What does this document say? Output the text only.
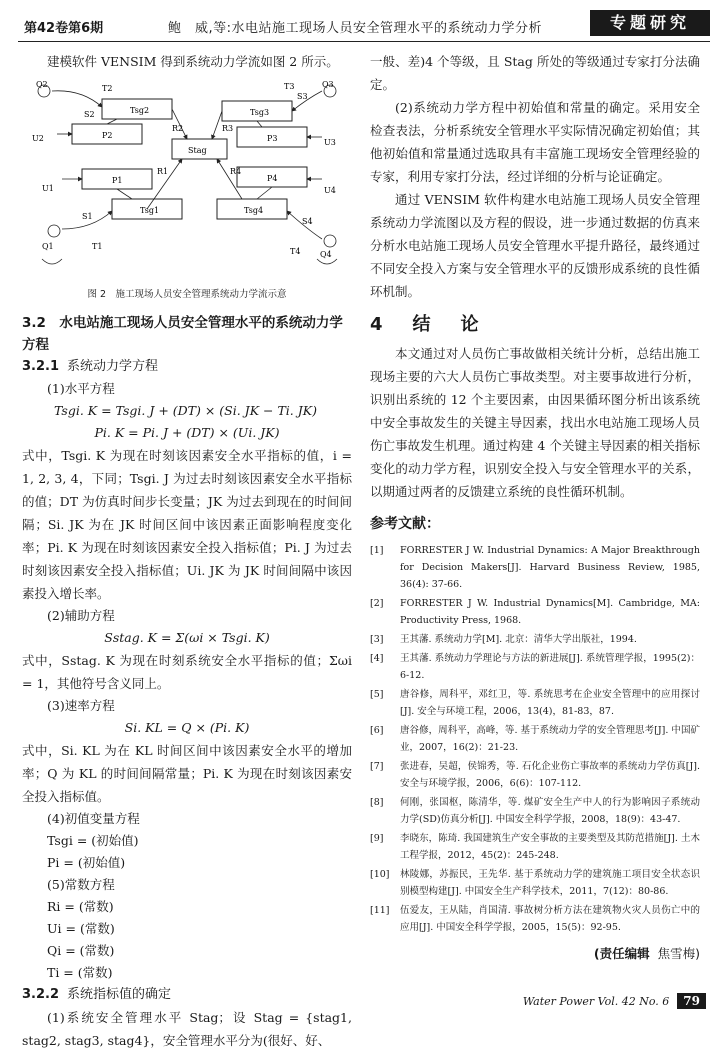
第42卷第6期	鲍　威,等:水电站施工现场人员安全管理水平的系统动力学分析	专题研究

建模软件 VENSIM 得到系统动力学流如图 2 所示。

Tsg2
P2
Tsg3
P3
Stag
P1	P4
Tsg1	Tsg4
Q2	Q3
Q1
Q4
T2	T3
T1
T4
U2
U1
U3
U4
R2	R3
R1	R4
S2
S3
S1
S4
图 2　施工现场人员安全管理系统动力学流示意
3.2　水电站施工现场人员安全管理水平的系统动力学方程
3.2.1 系统动力学方程
(1)水平方程
Tsgi. K = Tsgi. J + (DT) × (Si. JK − Ti. JK)
Pi. K = Pi. J + (DT) × (Ui. JK)

式中，Tsgi. K 为现在时刻该因素安全水平指标的值，i = 1, 2, 3, 4，下同；Tsgi. J 为过去时刻该因素安全水平指标的值；DT 为仿真时间步长变量；JK 为过去到现在的时间间隔；Si. JK 为在 JK 时间区间中该因素正面影响程度变化率；Pi. K 为现在时刻该因素安全投入指标值；Pi. J 为过去时刻该因素安全投入指标值；Ui. JK 为 JK 时间间隔中该因素投入增长率。

(2)辅助方程
Sstag. K = Σ(ωi × Tsgi. K)

式中，Sstag. K 为现在时刻系统安全水平指标的值；Σωi = 1，其他符号含义同上。

(3)速率方程
Si. KL = Q × (Pi. K)

式中，Si. KL 为在 KL 时间区间中该因素安全水平的增加率；Q 为 KL 的时间间隔常量；Pi. K 为现在时刻该因素安全投入指标值。

(4)初值变量方程
Tsgi = (初始值)
Pi = (初始值)
(5)常数方程
Ri = (常数)
Ui = (常数)
Qi = (常数)
Ti = (常数)
3.2.2 系统指标值的确定

(1)系统安全管理水平 Stag；设 Stag = {stag1, stag2, stag3, stag4}，安全管理水平分为(很好、好、

一般、差)4 个等级，且 Stag 所处的等级通过专家打分法确定。

(2)系统动力学方程中初始值和常量的确定。采用安全检查表法，分析系统安全管理水平实际情况确定初始值；其他初始值和常量通过选取具有丰富施工现场安全管理经验的专家，利用专家打分法，经过详细的分析与论证确定。

通过 VENSIM 软件构建水电站施工现场人员安全管理系统动力学流图以及方程的假设，进一步通过数据的仿真来分析水电站施工现场人员安全管理水平提升路径，最终通过不同安全投入方案与安全管理水平的反馈形成系统的良性循环机制。

4　结　论

本文通过对人员伤亡事故做相关统计分析，总结出施工现场主要的六大人员伤亡事故类型。对主要事故进行分析，识别出系统的 12 个主要因素，由因果循环图分析出该系统中安全事故发生的关键主导因素，找出水电站施工现场人员伤亡事故发生机理。通过构建 4 个关键主导因素的相关指标变化的动力学方程，识别安全投入与安全管理水平的关系，以期通过两者的反馈建立系统的良性循环机制。

参考文献：
[1]	FORRESTER J W. Industrial Dynamics: A Major Breakthrough for Decision Makers[J]. Harvard Business Review, 1985, 36(4): 37-66.
[2]	FORRESTER J W. Industrial Dynamics[M]. Cambridge, MA: Productivity Press, 1968.
[3]	王其藩. 系统动力学[M]. 北京：清华大学出版社，1994.
[4]	王其藩. 系统动力学理论与方法的新进展[J]. 系统管理学报，1995(2)：6-12.
[5]	唐谷修，周科平，邓红卫，等. 系统思考在企业安全管理中的应用探讨[J]. 安全与环境工程，2006，13(4)，81-83，87.
[6]	唐谷修，周科平，高峰，等. 基于系统动力学的安全管理思考[J]. 中国矿业，2007，16(2)：21-23.
[7]	张进春，吴超，侯锦秀，等. 石化企业伤亡事故率的系统动力学仿真[J]. 安全与环境学报，2006，6(6)：107-112.
[8]	何刚，张国枢，陈清华，等. 煤矿安全生产中人的行为影响因子系统动力学(SD)仿真分析[J]. 中国安全科学学报，2008，18(9)：43-47.
[9]	李晓东，陈琦. 我国建筑生产安全事故的主要类型及其防范措施[J]. 土木工程学报，2012，45(2)：245-248.
[10]	林陵娜，苏振民，王先华. 基于系统动力学的建筑施工项目安全状态识别模型构建[J]. 中国安全生产科学技术，2011，7(12)：80-86.
[11]	伍爱友，王从陆，肖国清. 事故树分析方法在建筑物火灾人员伤亡中的应用[J]. 中国安全科学学报，2005，15(5)：92-95.
(责任编辑 焦雪梅)
Water Power Vol. 42 No. 6	79
